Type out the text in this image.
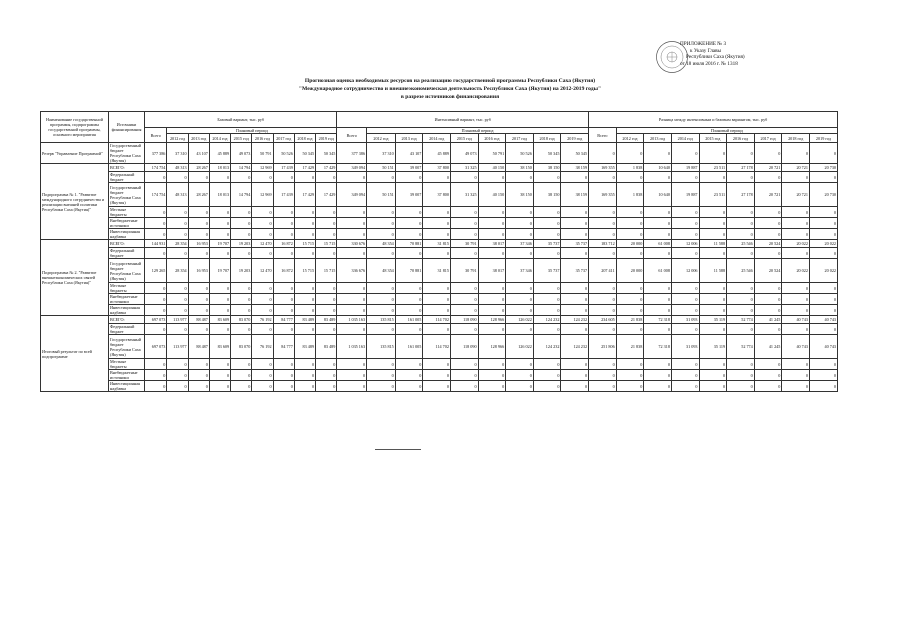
ПРИЛОЖЕНИЕ № 3
к Указу Главы
Республики Саха (Якутия)
от 18 июля 2016 г. № 1318
Прогнозная оценка необходимых ресурсов на реализацию государственной программы Республики Саха (Якутия)
"Международное сотрудничество и внешнеэкономическая деятельность Республики Саха (Якутия) на 2012-2019 годы"
в разрезе источников финансирования
Наименование государственной программы, подпрограммы государственной программы, основного мероприятия	Источники финансирования	Базовый вариант, тыс. руб									Интенсивный вариант, тыс. руб									Разница между интенсивным и базовым вариантом, тыс. руб								
		Всего	Плановый период								Всего	Плановый период								Всего	Плановый период							
			2012 год	2013 год	2014 год	2015 год	2016 год	2017 год	2018 год	2019 год		2012 год	2013 год	2014 год	2015 год	2016 год	2017 год	2018 год	2019 год		2012 год	2013 год	2014 год	2015 год	2016 год	2017 год	2018 год	2019 год
Резерв "Управление Программой"	Государственный бюджет Республики Саха (Якутия)	377 386	37 310	43 107	45 889	49 073	50 791	50 526	50 345	50 345	377 386	37 310	43 107	45 889	49 073	50 791	50 526	50 345	50 345	0	0	0	0	0	0	0	0	0
Подпрограмма № 1. "Развитие международного сотрудничества и реализации внешней политики Республики Саха (Якутия)"	ВСЕГО:	174 754	48 313	28 267	18 013	14 794	12 969	17 439	17 429	17 429	349 094	50 151	39 007	37 800	31 325	40 150	38 150	38 150	38 159	169 355	1 838	10 640	19 887	23 511	27 178	20 721	20 721	20 730
	Федеральный бюджет	0	0	0	0	0	0	0	0	0	0	0	0	0	0	0	0	0	0	0	0	0	0	0	0	0	0	0
	Государственный бюджет Республики Саха (Якутия)	174 754	48 313	28 267	18 013	14 794	12 969	17 439	17 429	17 429	349 094	50 151	39 007	37 800	31 325	40 150	38 150	38 150	38 159	169 355	1 838	10 640	19 887	23 511	27 178	20 721	20 721	20 730
	Местные бюджеты	0	0	0	0	0	0	0	0	0	0	0	0	0	0	0	0	0	0	0	0	0	0	0	0	0	0	0
	Внебюджетные источники	0	0	0	0	0	0	0	0	0	0	0	0	0	0	0	0	0	0	0	0	0	0	0	0	0	0	0
	Инвестиционная надбавка	0	0	0	0	0	0	0	0	0	0	0	0	0	0	0	0	0	0	0	0	0	0	0	0	0	0	0
Подпрограмма № 2. "Развитие внешнеэкономических связей Республики Саха (Якутия)"	ВСЕГО:	144 931	28 354	16 953	19 707	19 203	12 470	16 872	15 715	15 715	330 676	48 354	70 881	31 815	30 791	38 017	37 346	35 737	35 737	183 712	20 000	61 008	12 006	11 588	25 546	20 524	20 022	20 022
	Федеральный бюджет	0	0	0	0	0	0	0	0	0	0	0	0	0	0	0	0	0	0	0	0	0	0	0	0	0	0	0
	Государственный бюджет Республики Саха (Якутия)	129 265	28 354	16 953	19 707	19 203	12 470	16 872	15 715	15 715	336 676	48 354	70 881	31 815	30 791	38 017	37 346	35 737	35 737	207 411	20 000	61 008	12 006	11 588	25 546	20 524	20 022	20 022
	Местные бюджеты	0	0	0	0	0	0	0	0	0	0	0	0	0	0	0	0	0	0	0	0	0	0	0	0	0	0	0
	Внебюджетные источники	0	0	0	0	0	0	0	0	0	0	0	0	0	0	0	0	0	0	0	0	0	0	0	0	0	0	0
	Инвестиционная надбавка	0	0	0	0	0	0	0	0	0	0	0	0	0	0	0	0	0	0	0	0	0	0	0	0	0	0	0
Итоговый результат по всей подпрограмме	ВСЕГО:	697 073	113 977	88 487	83 609	83 070	76 192	84 777	83 489	83 489	1 035 163	135 815	161 005	114 702	118 090	128 966	126 022	124 232	124 232	234 605	21 838	72 318	31 093	35 119	52 774	41 245	40 743	40 743
	Федеральный бюджет	0	0	0	0	0	0	0	0	0	0	0	0	0	0	0	0	0	0	0	0	0	0	0	0	0	0	0
	Государственный бюджет Республики Саха (Якутия)	697 073	113 977	88 487	83 609	83 070	76 192	84 777	83 489	83 489	1 035 163	135 815	161 005	114 702	118 090	128 966	126 022	124 232	124 232	251 806	21 838	72 318	31 093	35 119	52 774	41 245	40 743	40 743
	Местные бюджеты	0	0	0	0	0	0	0	0	0	0	0	0	0	0	0	0	0	0	0	0	0	0	0	0	0	0	0
	Внебюджетные источники	0	0	0	0	0	0	0	0	0	0	0	0	0	0	0	0	0	0	0	0	0	0	0	0	0	0	0
	Инвестиционная надбавка	0	0	0	0	0	0	0	0	0	0	0	0	0	0	0	0	0	0	0	0	0	0	0	0	0	0	0
